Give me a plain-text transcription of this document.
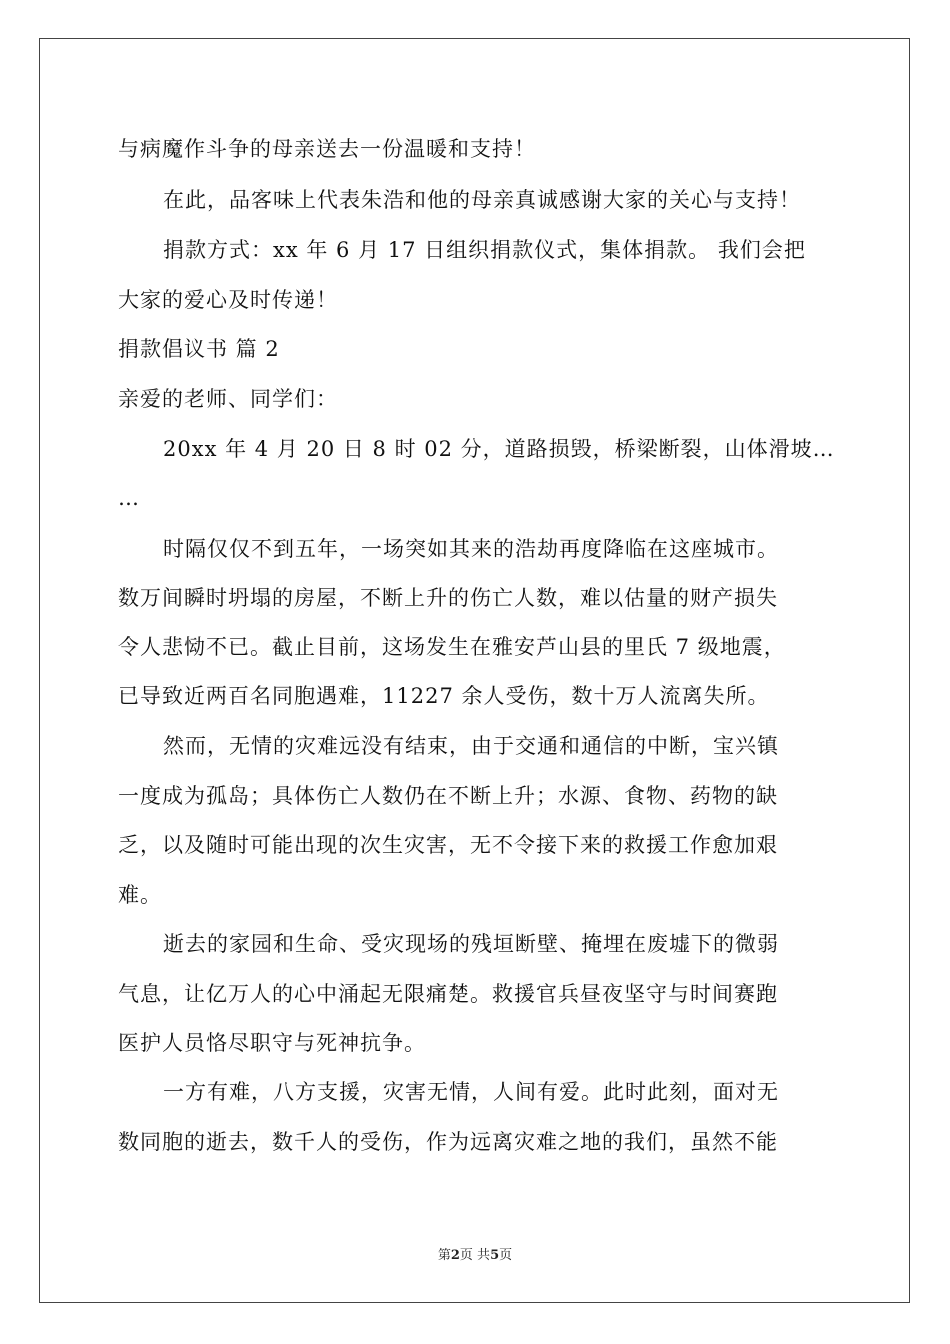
与病魔作斗争的母亲送去一份温暖和支持！
在此，品客味上代表朱浩和他的母亲真诚感谢大家的关心与支持！
捐款方式：xx 年 6 月 17 日组织捐款仪式，集体捐款。 我们会把
大家的爱心及时传递！
捐款倡议书 篇 2
亲爱的老师、同学们：
20xx 年 4 月 20 日 8 时 02 分，道路损毁，桥梁断裂，山体滑坡…
…
时隔仅仅不到五年，一场突如其来的浩劫再度降临在这座城市。
数万间瞬时坍塌的房屋，不断上升的伤亡人数，难以估量的财产损失
令人悲恸不已。截止目前，这场发生在雅安芦山县的里氏 7 级地震，
已导致近两百名同胞遇难，11227 余人受伤，数十万人流离失所。
然而，无情的灾难远没有结束，由于交通和通信的中断，宝兴镇
一度成为孤岛；具体伤亡人数仍在不断上升；水源、食物、药物的缺
乏，以及随时可能出现的次生灾害，无不令接下来的救援工作愈加艰
难。
逝去的家园和生命、受灾现场的残垣断壁、掩埋在废墟下的微弱
气息，让亿万人的心中涌起无限痛楚。救援官兵昼夜坚守与时间赛跑
医护人员恪尽职守与死神抗争。
一方有难，八方支援，灾害无情，人间有爱。此时此刻，面对无
数同胞的逝去，数千人的受伤，作为远离灾难之地的我们，虽然不能
第2页 共5页
